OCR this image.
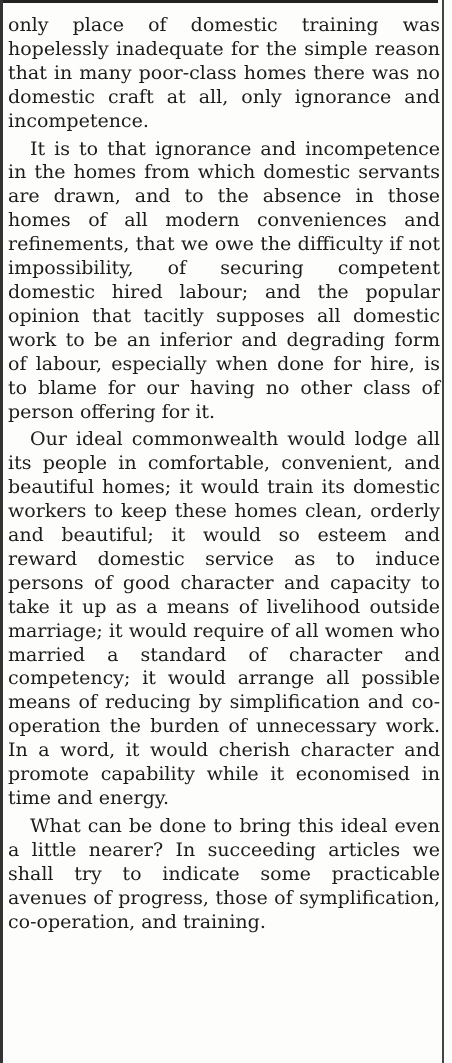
only place of domestic training was hopelessly inadequate for the simple reason that in many poor-class homes there was no domestic craft at all, only ignorance and incompetence.

It is to that ignorance and incompetence in the homes from which domestic servants are drawn, and to the absence in those homes of all modern conveniences and refinements, that we owe the difficulty if not impossibility, of securing competent domestic hired labour; and the popular opinion that tacitly supposes all domestic work to be an inferior and degrading form of labour, especially when done for hire, is to blame for our having no other class of person offering for it.

Our ideal commonwealth would lodge all its people in comfortable, convenient, and beautiful homes; it would train its domestic workers to keep these homes clean, orderly and beautiful; it would so esteem and reward domestic service as to induce persons of good character and capacity to take it up as a means of livelihood outside marriage; it would require of all women who married a standard of character and competency; it would arrange all possible means of reducing by simplification and co-operation the burden of unnecessary work. In a word, it would cherish character and promote capability while it economised in time and energy.

What can be done to bring this ideal even a little nearer? In succeeding articles we shall try to indicate some practicable avenues of progress, those of symplification, co-operation, and training.
